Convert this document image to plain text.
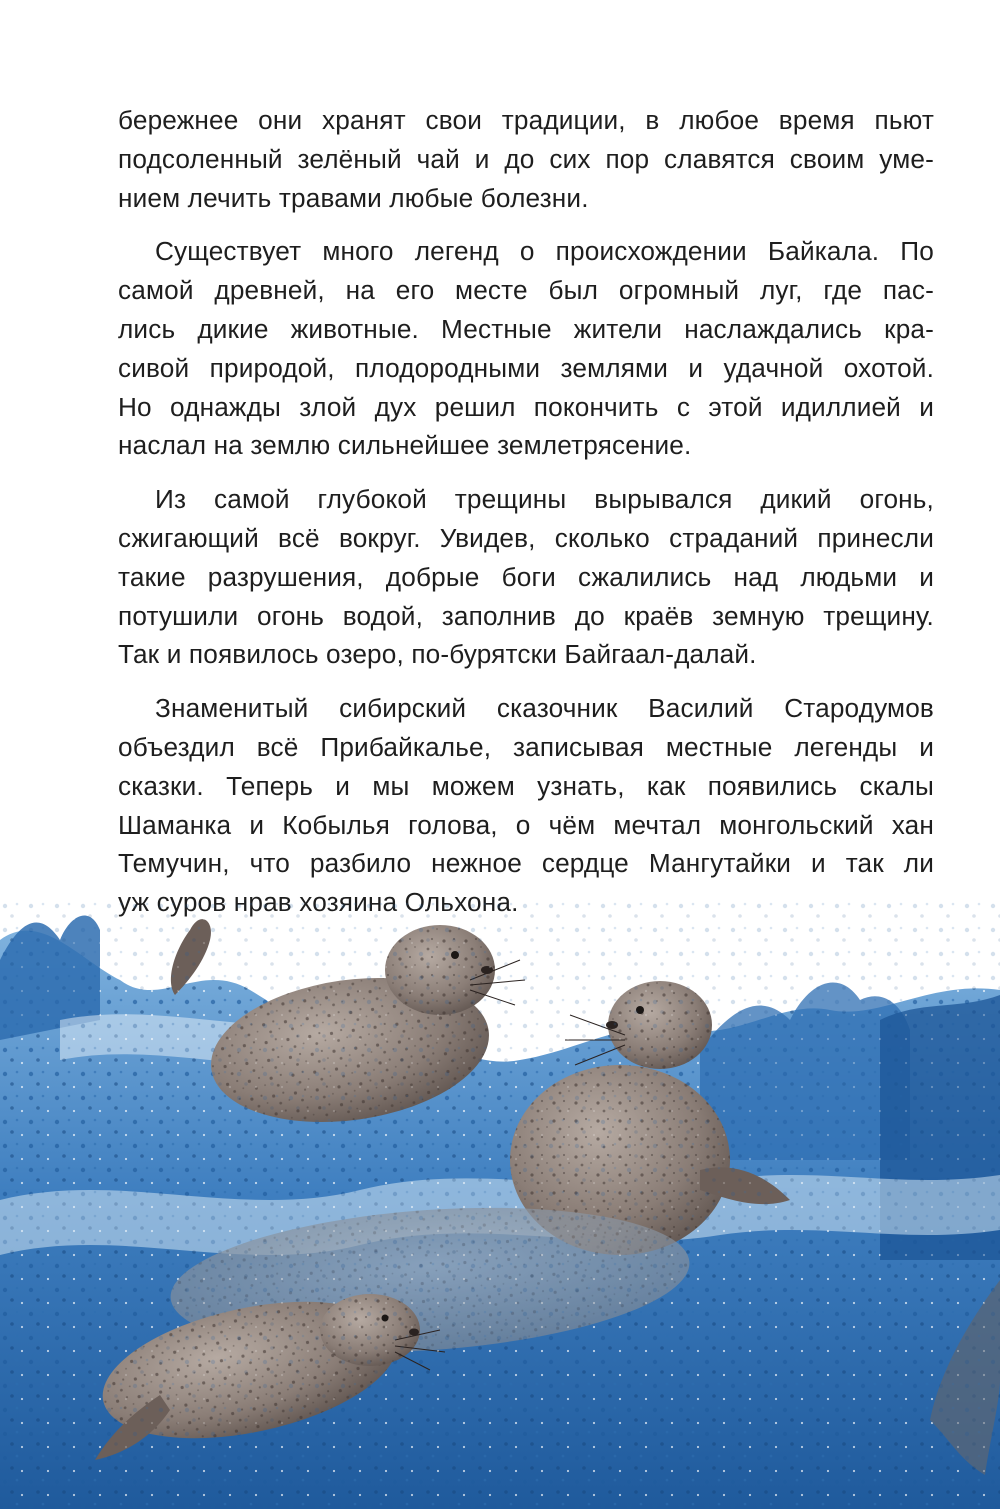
бережнее они хранят свои традиции, в любое время пьют
подсоленный зелёный чай и до сих пор славятся своим уме-
нием лечить травами любые болезни.
Существует много легенд о происхождении Байкала. По
самой древней, на его месте был огромный луг, где пас-
лись дикие животные. Местные жители наслаждались кра-
сивой природой, плодородными землями и удачной охотой.
Но однажды злой дух решил покончить с этой идиллией и
наслал на землю сильнейшее землетрясение.
Из самой глубокой трещины вырывался дикий огонь,
сжигающий всё вокруг. Увидев, сколько страданий принесли
такие разрушения, добрые боги сжалились над людьми и
потушили огонь водой, заполнив до краёв земную трещину.
Так и появилось озеро, по-бурятски Байгаал-далай.
Знаменитый сибирский сказочник Василий Стародумов
объездил всё Прибайкалье, записывая местные легенды и
сказки. Теперь и мы можем узнать, как появились скалы
Шаманка и Кобылья голова, о чём мечтал монгольский хан
Темучин, что разбило нежное сердце Мангутайки и так ли
уж суров нрав хозяина Ольхона.
